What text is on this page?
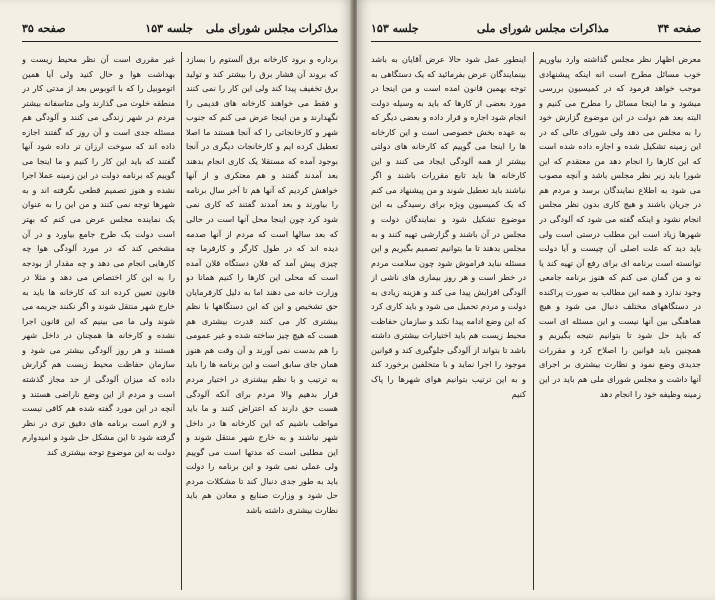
مذاکرات مجلس شورای ملی
جلسه ۱۵۳
صفحه ۳۵
برداره و برود کارخانه برق آلستوم را بسازد که بروند آن فشار برق را بیشتر کند و تولید برق تخفیف پیدا کند ولی این کار را نمی کنند و فقط می خواهند کارخانه های قدیمی را نگهدارند و من اینجا عرض می کنم که جنوب شهر و کارخانجاتی را که آنجا هستند ما اصلا تعطیل کرده ایم و کارخانجات دیگری در آنجا بوجود آمده که مستقلا یک کاری انجام بدهند بعد آمدند گفتند و هم معتکری و از آنها خواهش کردیم که آنها هم تا آخر سال برنامه را بیاورند و بعد آمدند گفتند که کاری نمی شود کرد چون اینجا محل آنها است در حالی که بعد سالها است که مردم از آنها صدمه دیده اند که در طول کارگر و کارفرما چه چیزی پیش آمد که فلان دستگاه قلان آمده است که محلی این کارها را کنیم همانا دو وزارت خانه می دهند اما به دلیل کارفرمایان حق تشخیص و این که این دستگاهها با نظم بیشتری کار می کنند قدرت بیشتری هم هست که هیچ چیز ساخته شده و غیر عمومی را هم بدست نمی آورند و آن وقت هم هنوز همان جای سابق است و این برنامه ها را باید به ترتیب و با نظم بیشتری در اختیار مردم قرار بدهیم والا مردم برای آنکه آلودگی هست حق دارند که اعتراض کنند و ما باید مواظب باشیم که این کارخانه ها در داخل شهر نباشند و به خارج شهر منتقل شوند و این مطلبی است که مدتها است می گوییم ولی عملی نمی شود و این برنامه را دولت باید به طور جدی دنبال کند تا مشکلات مردم حل شود و وزارت صنایع و معادن هم باید نظارت بیشتری داشته باشد
غیر مقرری است آن نظر محیط زیست و بهداشت هوا و حال کنید ولی آیا همین اتوموبیل را که با اتوبوس بعد از مدتی کار در منطقه خلوت می گذارند ولی متاسفانه بیشتر مردم در شهر زندگی می کنند و آلودگی هم مسئله جدی است و آن روز که گفتند اجازه داده اند که سوخت ارزان تر داده شود آنها گفتند که باید این کار را کنیم و ما اینجا می گوییم که برنامه دولت در این زمینه عملا اجرا نشده و هنوز تصمیم قطعی نگرفته اند و به شهرها توجه نمی کنند و من این را به عنوان یک نماینده مجلس عرض می کنم که بهتر است دولت یک طرح جامع بیاورد و در آن مشخص کند که در مورد آلودگی هوا چه کارهایی انجام می دهد و چه مقدار از بودجه را به این کار اختصاص می دهد و مثلا در قانون تعیین کرده اند که کارخانه ها باید به خارج شهر منتقل شوند و اگر نکنند جریمه می شوند ولی ما می بینیم که این قانون اجرا نشده و کارخانه ها همچنان در داخل شهر هستند و هر روز آلودگی بیشتر می شود و سازمان حفاظت محیط زیست هم گزارش داده که میزان آلودگی از حد مجاز گذشته است و مردم از این وضع ناراضی هستند و آنچه در این مورد گفته شده هم کافی نیست و لازم است برنامه های دقیق تری در نظر گرفته شود تا این مشکل حل شود و امیدوارم دولت به این موضوع توجه بیشتری کند
صفحه ۳۴
مذاکرات مجلس شورای ملی
جلسه ۱۵۳
معرض اظهار نظر مجلس گذاشته وارد بیاوریم خوب مسائل مطرح است انه اینکه پیشنهادی موجب خواهد فرمود که در کمیسیون بررسی میشود و ما اینجا مسائل را مطرح می کنیم و البته بعد هم دولت در این موضوع گزارش خود را به مجلس می دهد ولی شورای عالی که در این زمینه تشکیل شده و اجازه داده شده است که این کارها را انجام دهد من معتقدم که این شورا باید زیر نظر مجلس باشد و آنچه مصوب می شود به اطلاع نمایندگان برسد و مردم هم در جریان باشند و هیچ کاری بدون نظر مجلس انجام نشود و اینکه گفته می شود که آلودگی در شهرها زیاد است این مطلب درستی است ولی باید دید که علت اصلی آن چیست و آیا دولت توانسته است برنامه ای برای رفع آن تهیه کند یا نه و من گمان می کنم که هنوز برنامه جامعی وجود ندارد و همه این مطالب به صورت پراکنده در دستگاههای مختلف دنبال می شود و هیچ هماهنگی بین آنها نیست و این مسئله ای است که باید حل شود تا بتوانیم نتیجه بگیریم و همچنین باید قوانین را اصلاح کرد و مقررات جدیدی وضع نمود و نظارت بیشتری بر اجرای آنها داشت و مجلس شورای ملی هم باید در این زمینه وظیفه خود را انجام دهد
اینطور عمل شود حالا عرض آقایان به باشد بینمایندگان عرض بفرمائید که یک دستگاهی به توجه بهمین قانون امده است و من اینجا در مورد بعضی از کارها که باید به وسیله دولت انجام شود اجاره و قرار داده و بعضی دیگر که به عهده بخش خصوصی است و این کارخانه ها را اینجا می گوییم که کارخانه های دولتی بیشتر از همه آلودگی ایجاد می کنند و این کارخانه ها باید تابع مقررات باشند و اگر نباشند باید تعطیل شوند و من پیشنهاد می کنم که یک کمیسیون ویژه برای رسیدگی به این موضوع تشکیل شود و نمایندگان دولت و مجلس در آن باشند و گزارشی تهیه کنند و به مجلس بدهند تا ما بتوانیم تصمیم بگیریم و این مسئله نباید فراموش شود چون سلامت مردم در خطر است و هر روز بیماری های ناشی از آلودگی افزایش پیدا می کند و هزینه زیادی به دولت و مردم تحمیل می شود و باید کاری کرد که این وضع ادامه پیدا نکند و سازمان حفاظت محیط زیست هم باید اختیارات بیشتری داشته باشد تا بتواند از آلودگی جلوگیری کند و قوانین موجود را اجرا نماید و با متخلفین برخورد کند و به این ترتیب بتوانیم هوای شهرها را پاک کنیم
